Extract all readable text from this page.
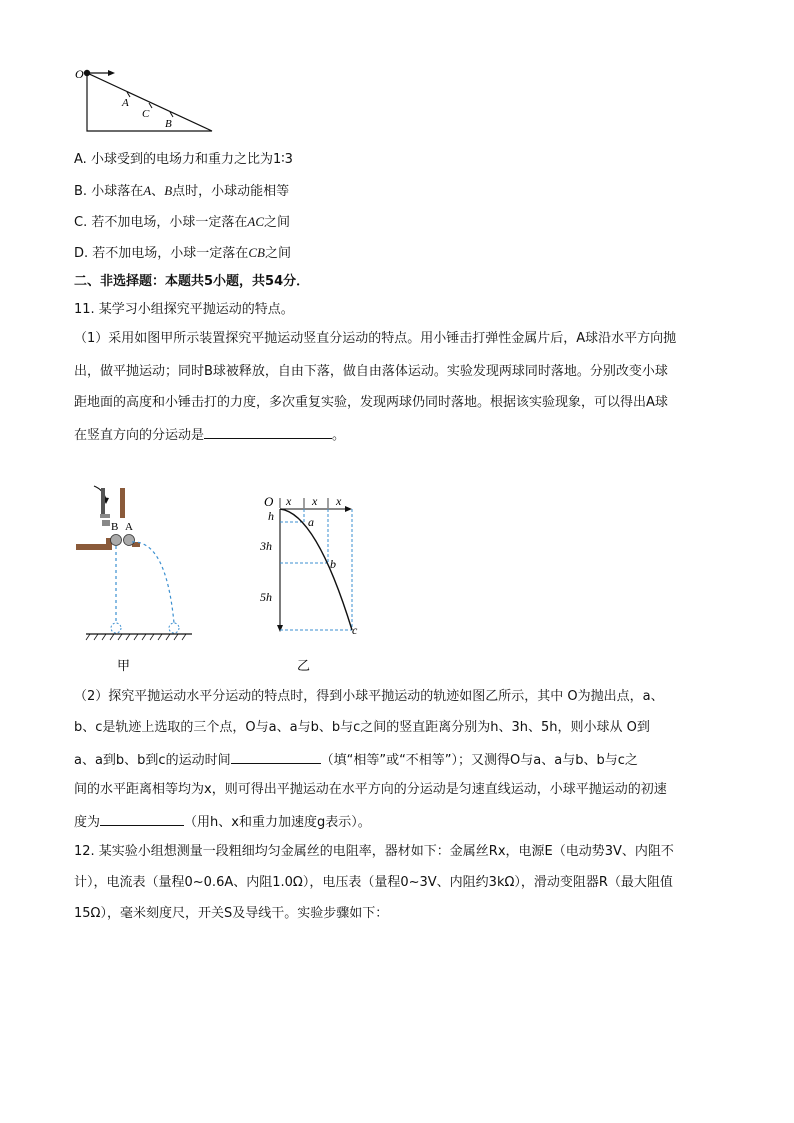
O
A
C
B
A. 小球受到的电场力和重力之比为1∶3
B. 小球落在A、B点时，小球动能相等
C. 若不加电场，小球一定落在AC之间
D. 若不加电场，小球一定落在CB之间
二、非选择题：本题共5小题，共54分．
11. 某学习小组探究平抛运动的特点。
（1）采用如图甲所示装置探究平抛运动竖直分运动的特点。用小锤击打弹性金属片后，A球沿水平方向抛
出，做平抛运动；同时B球被释放，自由下落，做自由落体运动。实验发现两球同时落地。分别改变小球
距地面的高度和小锤击打的力度，多次重复实验，发现两球仍同时落地。根据该实验现象，可以得出A球
在竖直方向的分运动是	。
B A
甲
O x x x
h
3h
5h
a
b
c
乙
（2）探究平抛运动水平分运动的特点时，得到小球平抛运动的轨迹如图乙所示，其中 O为抛出点，a、
b、c是轨迹上选取的三个点，O与a、a与b、b与c之间的竖直距离分别为h、3h、5h，则小球从 O到
a、a到b、b到c的运动时间	（填“相等”或“不相等”）；又测得O与a、a与b、b与c之
间的水平距离相等均为x，则可得出平抛运动在水平方向的分运动是匀速直线运动，小球平抛运动的初速
度为	（用h、x和重力加速度g表示）。
12. 某实验小组想测量一段粗细均匀金属丝的电阻率，器材如下：金属丝Rx，电源E（电动势3V、内阻不
计），电流表（量程0~0.6A、内阻1.0Ω），电压表（量程0~3V、内阻约3kΩ），滑动变阻器R（最大阻值
15Ω），毫米刻度尺，开关S及导线干。实验步骤如下：
